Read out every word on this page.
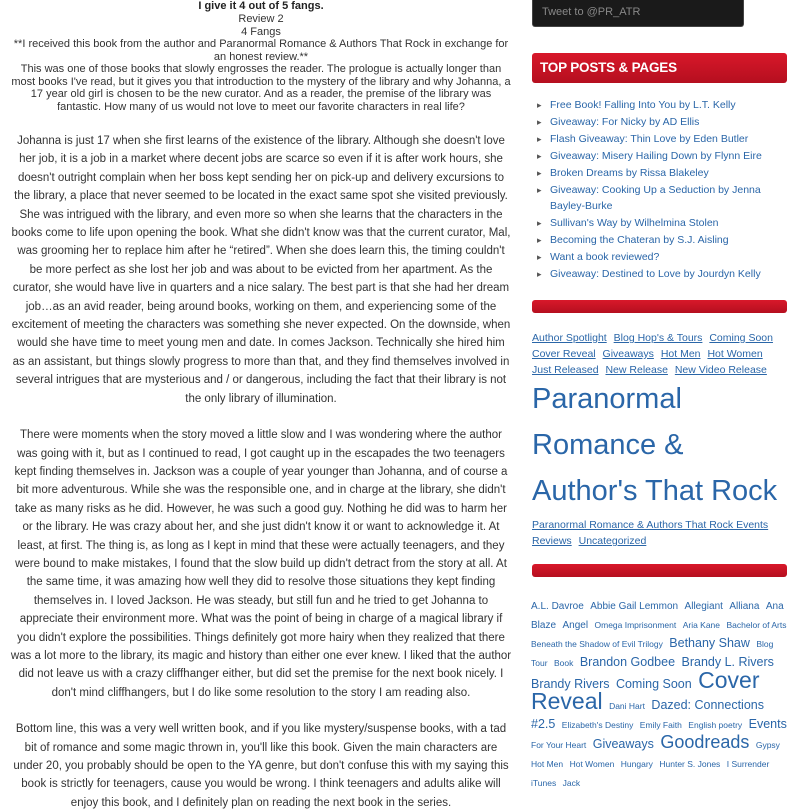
I give it 4 out of 5 fangs.
Review 2
4 Fangs
**I received this book from the author and Paranormal Romance & Authors That Rock in exchange for an honest review.**
This was one of those books that slowly engrosses the reader. The prologue is actually longer than most books I've read, but it gives you that introduction to the mystery of the library and why Johanna, a 17 year old girl is chosen to be the new curator. And as a reader, the premise of the library was fantastic. How many of us would not love to meet our favorite characters in real life?

Johanna is just 17 when she first learns of the existence of the library. Although she doesn't love her job, it is a job in a market where decent jobs are scarce so even if it is after work hours, she doesn't outright complain when her boss kept sending her on pick-up and delivery excursions to the library, a place that never seemed to be located in the exact same spot she visited previously. She was intrigued with the library, and even more so when she learns that the characters in the books come to life upon opening the book. What she didn't know was that the current curator, Mal, was grooming her to replace him after he “retired”. When she does learn this, the timing couldn't be more perfect as she lost her job and was about to be evicted from her apartment. As the curator, she would have live in quarters and a nice salary. The best part is that she had her dream job…as an avid reader, being around books, working on them, and experiencing some of the excitement of meeting the characters was something she never expected. On the downside, when would she have time to meet young men and date. In comes Jackson. Technically she hired him as an assistant, but things slowly progress to more than that, and they find themselves involved in several intrigues that are mysterious and / or dangerous, including the fact that their library is not the only library of illumination.

There were moments when the story moved a little slow and I was wondering where the author was going with it, but as I continued to read, I got caught up in the escapades the two teenagers kept finding themselves in. Jackson was a couple of year younger than Johanna, and of course a bit more adventurous. While she was the responsible one, and in charge at the library, she didn't take as many risks as he did. However, he was such a good guy. Nothing he did was to harm her or the library. He was crazy about her, and she just didn't know it or want to acknowledge it. At least, at first. The thing is, as long as I kept in mind that these were actually teenagers, and they were bound to make mistakes, I found that the slow build up didn't detract from the story at all. At the same time, it was amazing how well they did to resolve those situations they kept finding themselves in. I loved Jackson. He was steady, but still fun and he tried to get Johanna to appreciate their environment more. What was the point of being in charge of a magical library if you didn't explore the possibilities. Things definitely got more hairy when they realized that there was a lot more to the library, its magic and history than either one ever knew. I liked that the author did not leave us with a crazy cliffhanger either, but did set the premise for the next book nicely. I don't mind cliffhangers, but I do like some resolution to the story I am reading also.

Bottom line, this was a very well written book, and if you like mystery/suspense books, with a tad bit of romance and some magic thrown in, you'll like this book. Given the main characters are under 20, you probably should be open to the YA genre, but don't confuse this with my saying this book is strictly for teenagers, cause you would be wrong. I think teenagers and adults alike will enjoy this book, and I definitely plan on reading the next book in the series.

Tweet to @PR_ATR
TOP POSTS & PAGES
▸ Free Book! Falling Into You by L.T. Kelly
▸ Giveaway: For Nicky by AD Ellis
▸ Flash Giveaway: Thin Love by Eden Butler
▸ Giveaway: Misery Hailing Down by Flynn Eire
▸ Broken Dreams by Rissa Blakeley
▸ Giveaway: Cooking Up a Seduction by Jenna Bayley-Burke
▸ Sullivan's Way by Wilhelmina Stolen
▸ Becoming the Chateran by S.J. Aisling
▸ Want a book reviewed?
▸ Giveaway: Destined to Love by Jourdyn Kelly
Author Spotlight Blog Hop's & Tours Coming Soon Cover Reveal Giveaways Hot Men Hot Women Just Released New Release New Video Release
Paranormal Romance & Author's That Rock
Paranormal Romance & Authors That Rock Events Reviews Uncategorized
A.L. Davroe Abbie Gail Lemmon Allegiant Alliana Ana Blaze Angel Omega Imprisonment Aria Kane Bachelor of Arts Beneath the Shadow of Evil Trilogy Bethany Shaw Blog Tour Book Brandon Godbee Brandy L. Rivers Brandy Rivers Coming Soon Cover Reveal Dani Hart Dazed: Connections #2.5 Elizabeth's Destiny Emily Faith English poetry Events For Your Heart Giveaways Goodreads Gypsy Hot Men Hot Women Hungary Hunter S. Jones I Surrender iTunes Jack
